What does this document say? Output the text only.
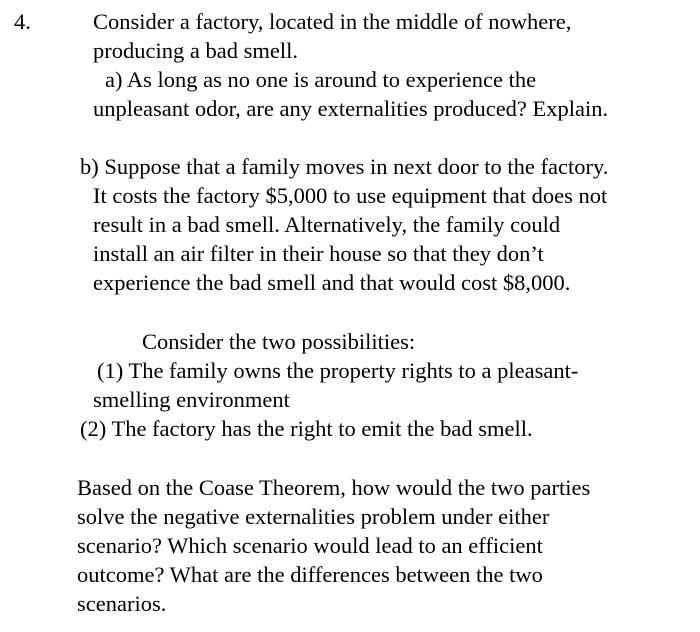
4.	Consider a factory, located in the middle of nowhere,
producing a bad smell.
a) As long as no one is around to experience the
unpleasant odor, are any externalities produced? Explain.
b) Suppose that a family moves in next door to the factory.
It costs the factory $5,000 to use equipment that does not
result in a bad smell. Alternatively, the family could
install an air filter in their house so that they don’t
experience the bad smell and that would cost $8,000.
Consider the two possibilities:
(1) The family owns the property rights to a pleasant-
smelling environment
(2) The factory has the right to emit the bad smell.
Based on the Coase Theorem, how would the two parties
solve the negative externalities problem under either
scenario? Which scenario would lead to an efficient
outcome? What are the differences between the two
scenarios.
